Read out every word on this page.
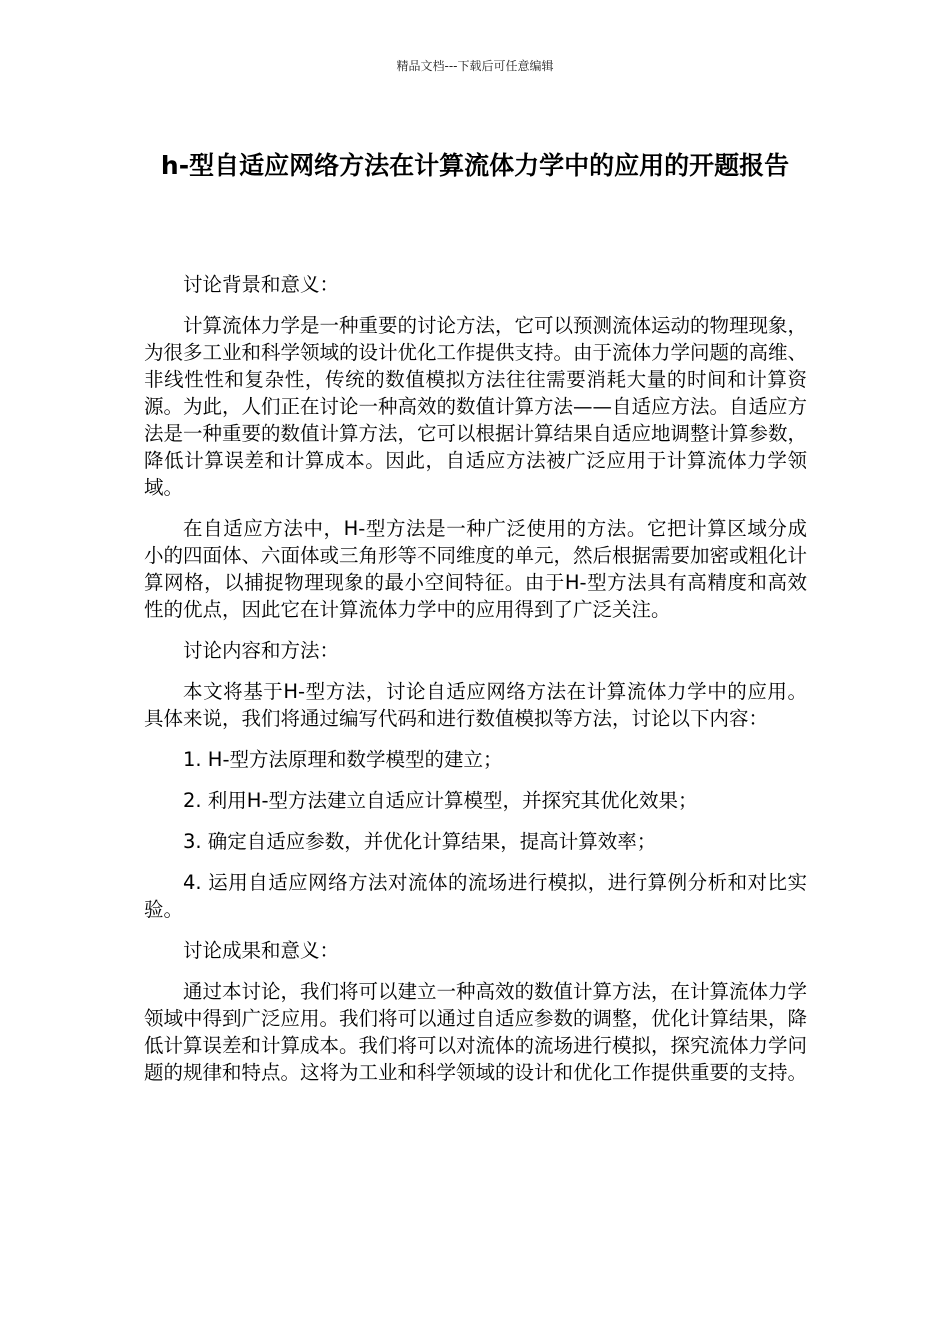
精品文档---下载后可任意编辑
h-型自适应网络方法在计算流体力学中的应用的开题报告

讨论背景和意义：

计算流体力学是一种重要的讨论方法，它可以预测流体运动的物理现象，为很多工业和科学领域的设计优化工作提供支持。由于流体力学问题的高维、非线性性和复杂性，传统的数值模拟方法往往需要消耗大量的时间和计算资源。为此，人们正在讨论一种高效的数值计算方法——自适应方法。自适应方法是一种重要的数值计算方法，它可以根据计算结果自适应地调整计算参数，降低计算误差和计算成本。因此，自适应方法被广泛应用于计算流体力学领域。

在自适应方法中，H-型方法是一种广泛使用的方法。它把计算区域分成小的四面体、六面体或三角形等不同维度的单元，然后根据需要加密或粗化计算网格，以捕捉物理现象的最小空间特征。由于H-型方法具有高精度和高效性的优点，因此它在计算流体力学中的应用得到了广泛关注。

讨论内容和方法：

本文将基于H-型方法，讨论自适应网络方法在计算流体力学中的应用。具体来说，我们将通过编写代码和进行数值模拟等方法，讨论以下内容：

1. H-型方法原理和数学模型的建立；

2. 利用H-型方法建立自适应计算模型，并探究其优化效果；

3. 确定自适应参数，并优化计算结果，提高计算效率；

4. 运用自适应网络方法对流体的流场进行模拟，进行算例分析和对比实验。

讨论成果和意义：

通过本讨论，我们将可以建立一种高效的数值计算方法，在计算流体力学领域中得到广泛应用。我们将可以通过自适应参数的调整，优化计算结果，降低计算误差和计算成本。我们将可以对流体的流场进行模拟，探究流体力学问题的规律和特点。这将为工业和科学领域的设计和优化工作提供重要的支持。
